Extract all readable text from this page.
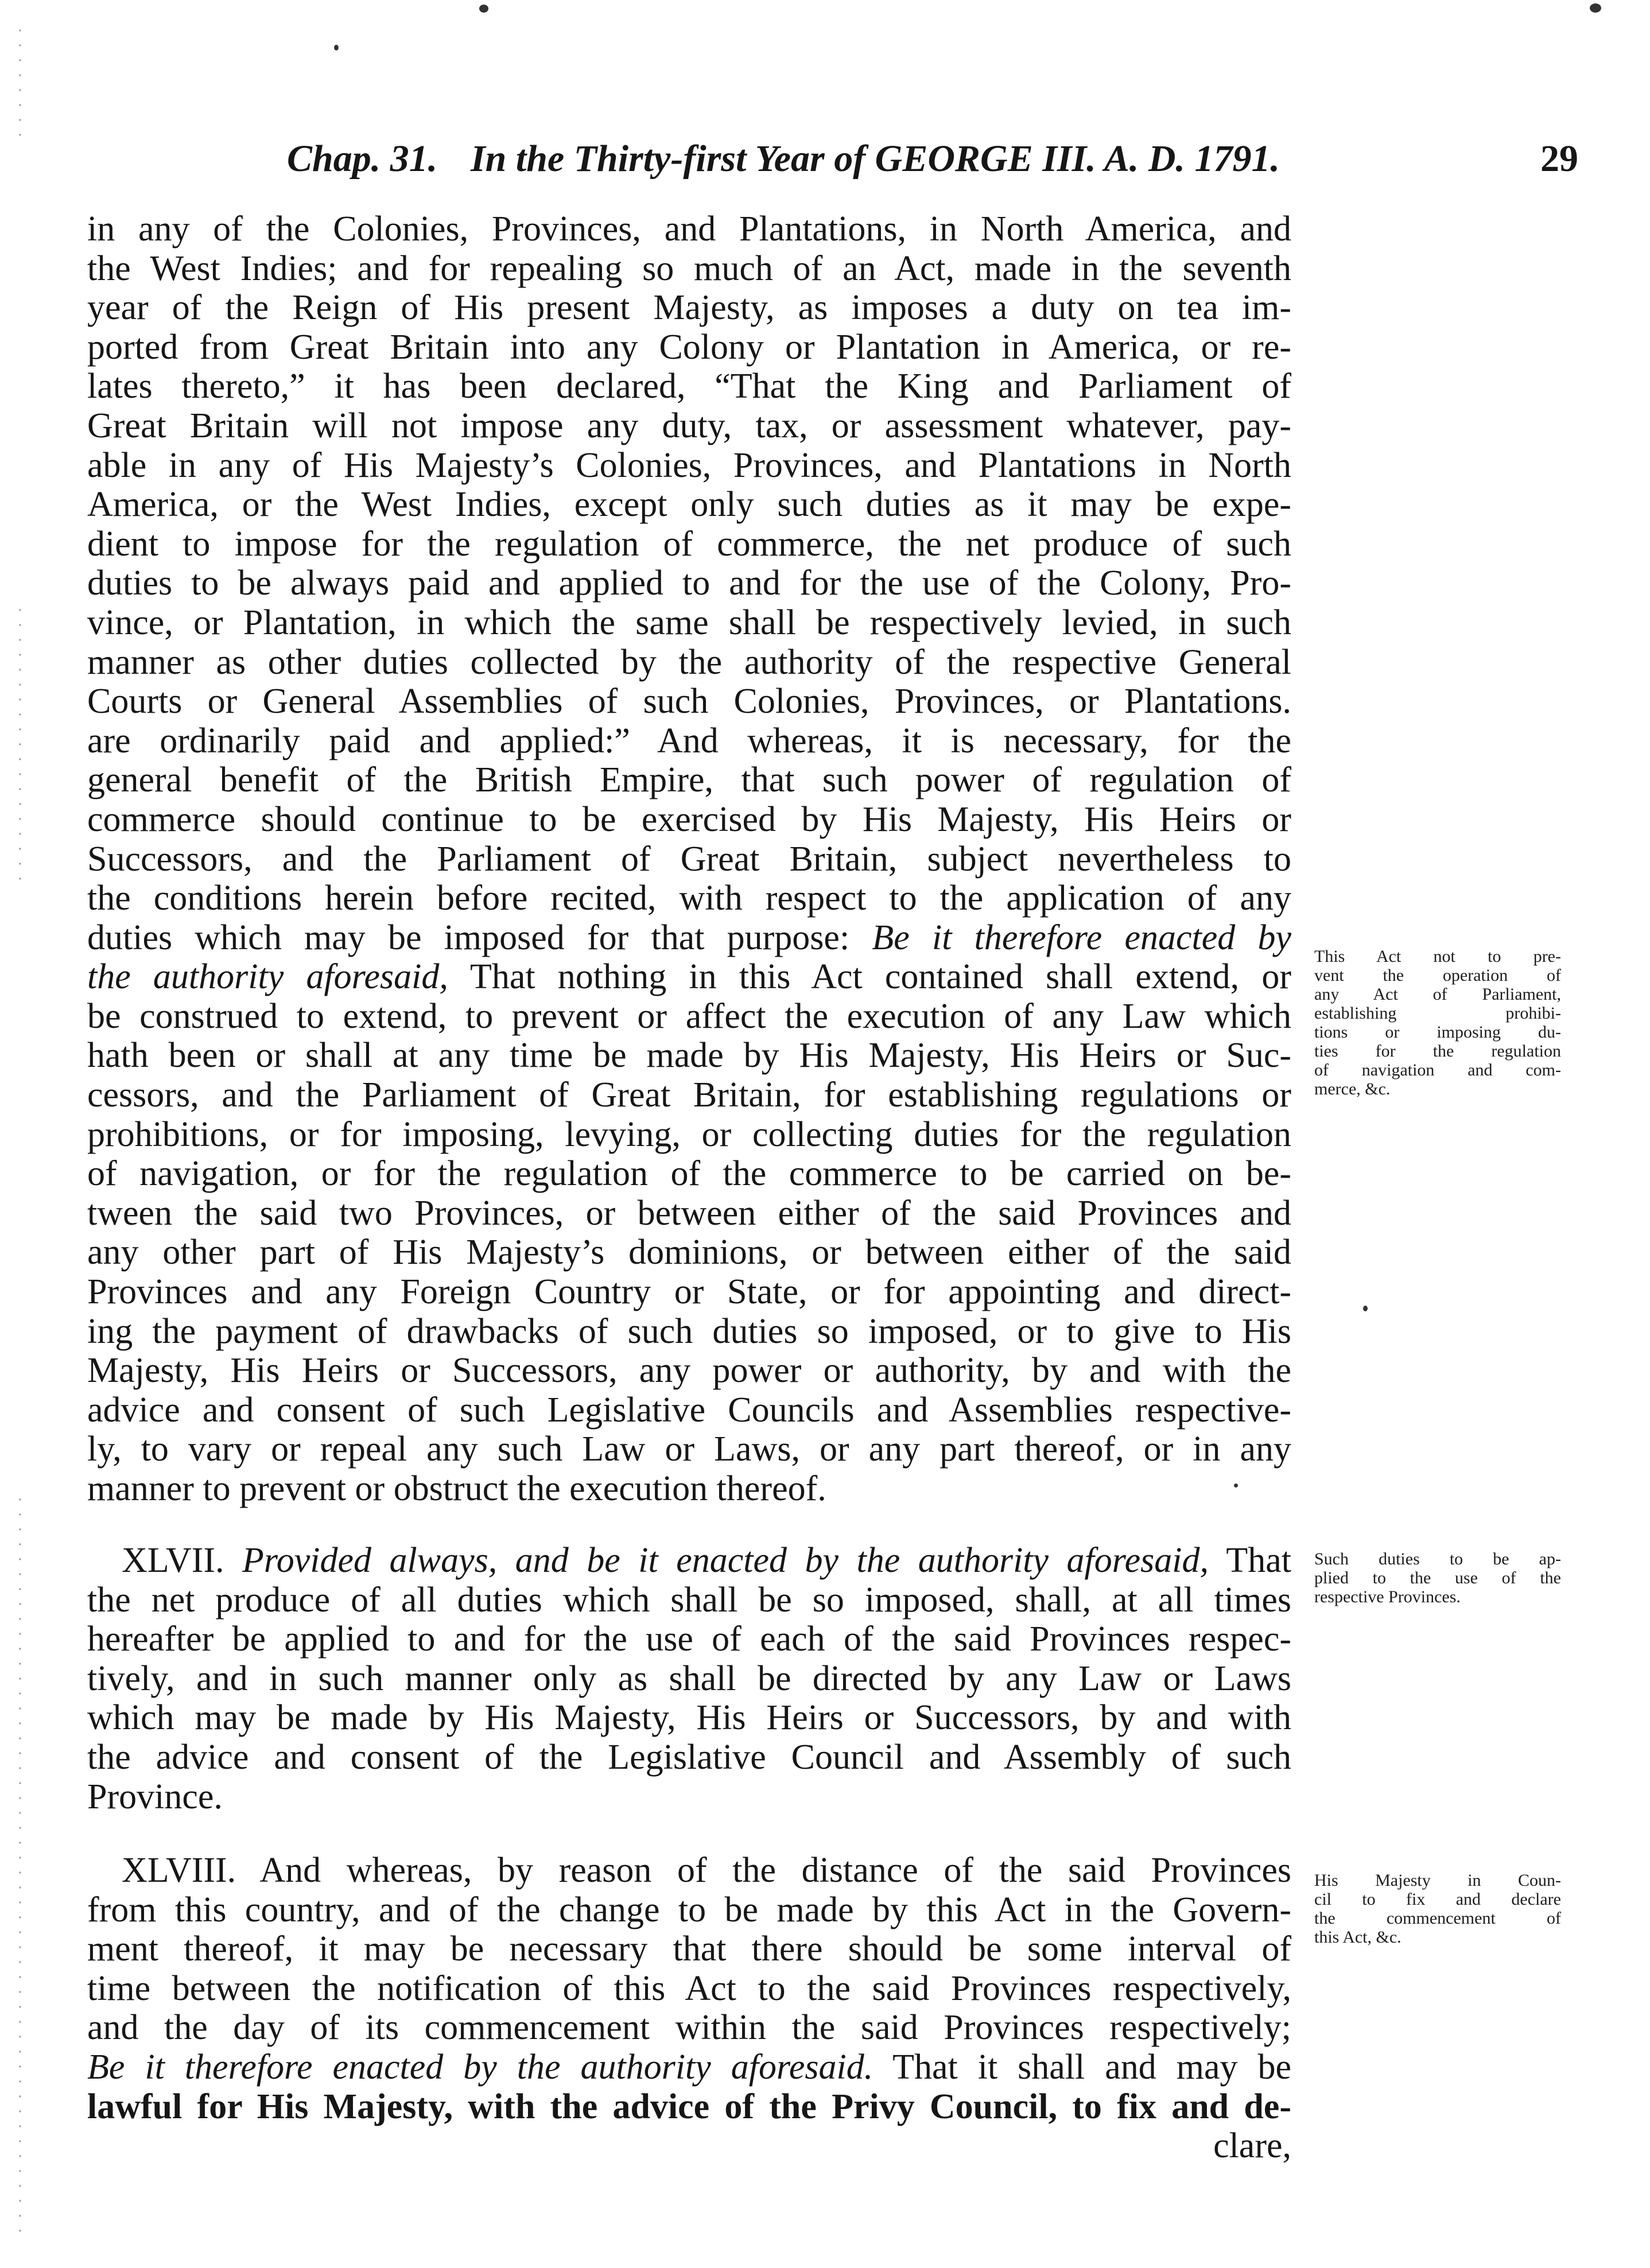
Chap. 31. In the Thirty-first Year of GEORGE III. A. D. 1791.	29
in any of the Colonies, Provinces, and Plantations, in North America, and
the West Indies; and for repealing so much of an Act, made in the seventh
year of the Reign of His present Majesty, as imposes a duty on tea im-
ported from Great Britain into any Colony or Plantation in America, or re-
lates thereto,” it has been declared, “That the King and Parliament of
Great Britain will not impose any duty, tax, or assessment whatever, pay-
able in any of His Majesty’s Colonies, Provinces, and Plantations in North
America, or the West Indies, except only such duties as it may be expe-
dient to impose for the regulation of commerce, the net produce of such
duties to be always paid and applied to and for the use of the Colony, Pro-
vince, or Plantation, in which the same shall be respectively levied, in such
manner as other duties collected by the authority of the respective General
Courts or General Assemblies of such Colonies, Provinces, or Plantations.
are ordinarily paid and applied:” And whereas, it is necessary, for the
general benefit of the British Empire, that such power of regulation of
commerce should continue to be exercised by His Majesty, His Heirs or
Successors, and the Parliament of Great Britain, subject nevertheless to
the conditions herein before recited, with respect to the application of any
duties which may be imposed for that purpose: Be it therefore enacted by
the authority aforesaid, That nothing in this Act contained shall extend, or
be construed to extend, to prevent or affect the execution of any Law which
hath been or shall at any time be made by His Majesty, His Heirs or Suc-
cessors, and the Parliament of Great Britain, for establishing regulations or
prohibitions, or for imposing, levying, or collecting duties for the regulation
of navigation, or for the regulation of the commerce to be carried on be-
tween the said two Provinces, or between either of the said Provinces and
any other part of His Majesty’s dominions, or between either of the said
Provinces and any Foreign Country or State, or for appointing and direct-
ing the payment of drawbacks of such duties so imposed, or to give to His
Majesty, His Heirs or Successors, any power or authority, by and with the
advice and consent of such Legislative Councils and Assemblies respective-
ly, to vary or repeal any such Law or Laws, or any part thereof, or in any
manner to prevent or obstruct the execution thereof.
XLVII. Provided always, and be it enacted by the authority aforesaid, That
the net produce of all duties which shall be so imposed, shall, at all times
hereafter be applied to and for the use of each of the said Provinces respec-
tively, and in such manner only as shall be directed by any Law or Laws
which may be made by His Majesty, His Heirs or Successors, by and with
the advice and consent of the Legislative Council and Assembly of such
Province.
XLVIII. And whereas, by reason of the distance of the said Provinces
from this country, and of the change to be made by this Act in the Govern-
ment thereof, it may be necessary that there should be some interval of
time between the notification of this Act to the said Provinces respectively,
and the day of its commencement within the said Provinces respectively;
Be it therefore enacted by the authority aforesaid. That it shall and may be
lawful for His Majesty, with the advice of the Privy Council, to fix and de-
clare,
This Act not to pre-
vent the operation of
any Act of Parliament,
establishing prohibi-
tions or imposing du-
ties for the regulation
of navigation and com-
merce, &c.
Such duties to be ap-
plied to the use of the
respective Provinces.
His Majesty in Coun-
cil to fix and declare
the commencement of
this Act, &c.
